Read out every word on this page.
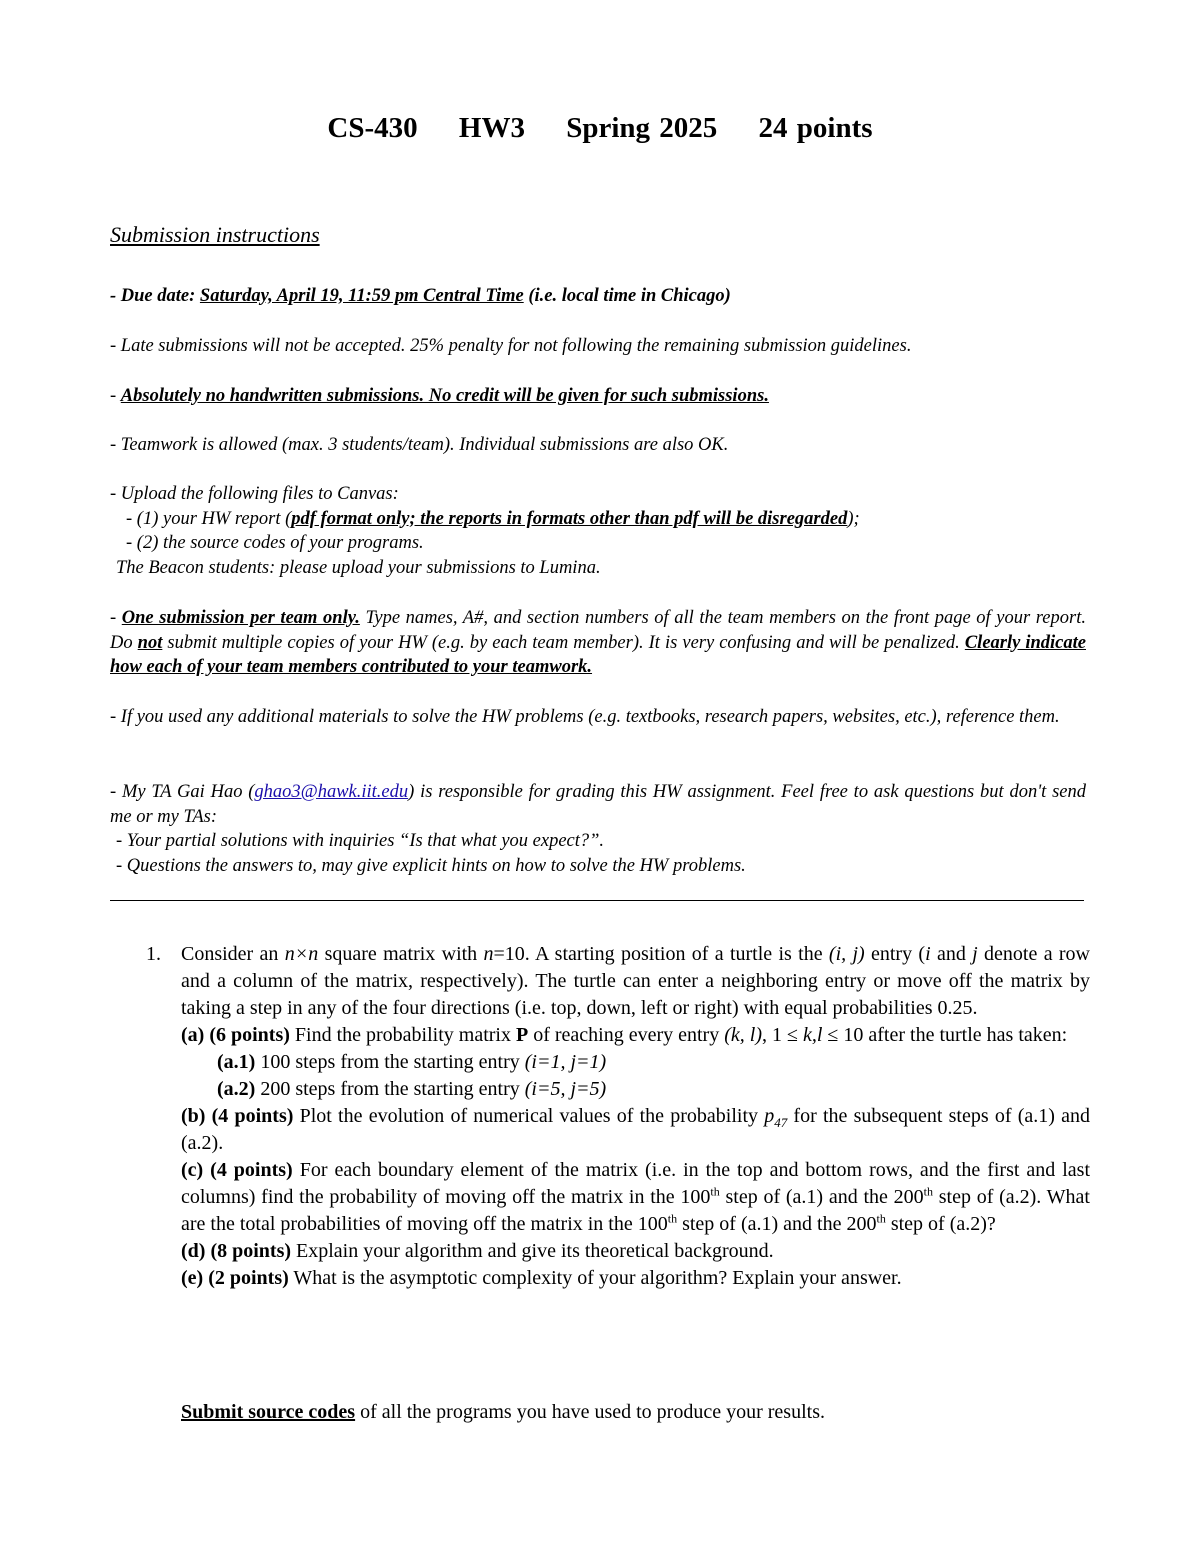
CS-430 HW3 Spring 2025 24 points
Submission instructions
- Due date: Saturday, April 19, 11:59 pm Central Time (i.e. local time in Chicago)
- Late submissions will not be accepted. 25% penalty for not following the remaining submission guidelines.
- Absolutely no handwritten submissions. No credit will be given for such submissions.
- Teamwork is allowed (max. 3 students/team). Individual submissions are also OK.
- Upload the following files to Canvas:
- (1) your HW report (pdf format only; the reports in formats other than pdf will be disregarded);
- (2) the source codes of your programs.
The Beacon students: please upload your submissions to Lumina.
- One submission per team only. Type names, A#, and section numbers of all the team members on the front page of your report. Do not submit multiple copies of your HW (e.g. by each team member). It is very confusing and will be penalized. Clearly indicate how each of your team members contributed to your teamwork.
- If you used any additional materials to solve the HW problems (e.g. textbooks, research papers, websites, etc.), reference them.
- My TA Gai Hao (ghao3@hawk.iit.edu) is responsible for grading this HW assignment. Feel free to ask questions but don't send me or my TAs:
- Your partial solutions with inquiries “Is that what you expect?”.
- Questions the answers to, may give explicit hints on how to solve the HW problems.
1. Consider an n×n square matrix with n=10. A starting position of a turtle is the (i, j) entry (i and j denote a row and a column of the matrix, respectively). The turtle can enter a neighboring entry or move off the matrix by taking a step in any of the four directions (i.e. top, down, left or right) with equal probabilities 0.25.

(a) (6 points) Find the probability matrix P of reaching every entry (k, l), 1 ≤ k,l ≤ 10 after the turtle has taken:

(a.1) 100 steps from the starting entry (i=1, j=1)

(a.2) 200 steps from the starting entry (i=5, j=5)

(b) (4 points) Plot the evolution of numerical values of the probability $p_{47}$ for the subsequent steps of (a.1) and (a.2).

(c) (4 points) For each boundary element of the matrix (i.e. in the top and bottom rows, and the first and last columns) find the probability of moving off the matrix in the 100th step of (a.1) and the 200th step of (a.2). What are the total probabilities of moving off the matrix in the 100th step of (a.1) and the 200th step of (a.2)?

(d) (8 points) Explain your algorithm and give its theoretical background.

(e) (2 points) What is the asymptotic complexity of your algorithm? Explain your answer.

Submit source codes of all the programs you have used to produce your results.
